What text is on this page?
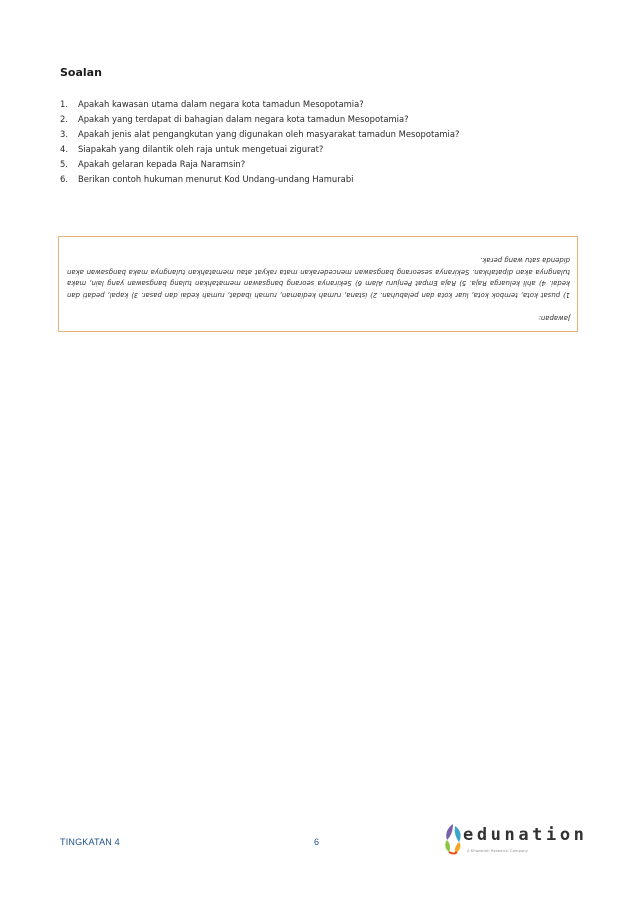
Soalan
1.	Apakah kawasan utama dalam negara kota tamadun Mesopotamia?
2.	Apakah yang terdapat di bahagian dalam negara kota tamadun Mesopotamia?
3.	Apakah jenis alat pengangkutan yang digunakan oleh masyarakat tamadun Mesopotamia?
4.	Siapakah yang dilantik oleh raja untuk mengetuai zigurat?
5.	Apakah gelaran kepada Raja Naramsin?
6.	Berikan contoh hukuman menurut Kod Undang-undang Hamurabi
Jawapan:
1) pusat kota, tembok kota, luar kota dan pelabuhan. 2) istana, rumah kediaman, rumah ibadat, rumah kedai dan pasar. 3) kapal, pedati dan kedai. 4) ahli keluarga Raja. 5) Raja Empat Penjuru Alam 6) Sekiranya seorang bangsawan mematahkan tulang bangsawan yang lain, maka tulangnya akan dipatahkan. Sekiranya seseorang bangsawan mencederakan mata rakyat atau mematahkan tulangnya maka bangsawan akan didenda satu wang perak.
TINGKATAN 4	6	edunation
A Khazanah Research Company
